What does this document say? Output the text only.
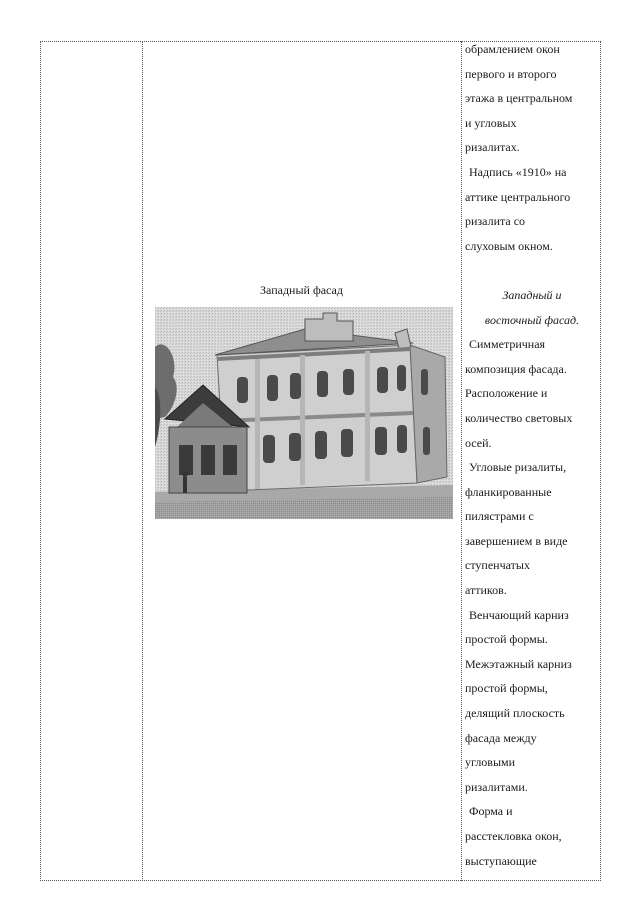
Западный фасад

обрамлением окон

первого и второго

этажа в центральном

и угловых

ризалитах.

Надпись «1910» на

аттике центрального

ризалита со

слуховым окном.

Западный и

восточный фасад.

Симметричная

композиция фасада.

Расположение и

количество световых

осей.

Угловые ризалиты,

фланкированные

пилястрами с

завершением в виде

ступенчатых

аттиков.

Венчающий карниз

простой формы.

Межэтажный карниз

простой формы,

делящий плоскость

фасада между

угловыми

ризалитами.

Форма и

расстекловка окон,

выступающие
